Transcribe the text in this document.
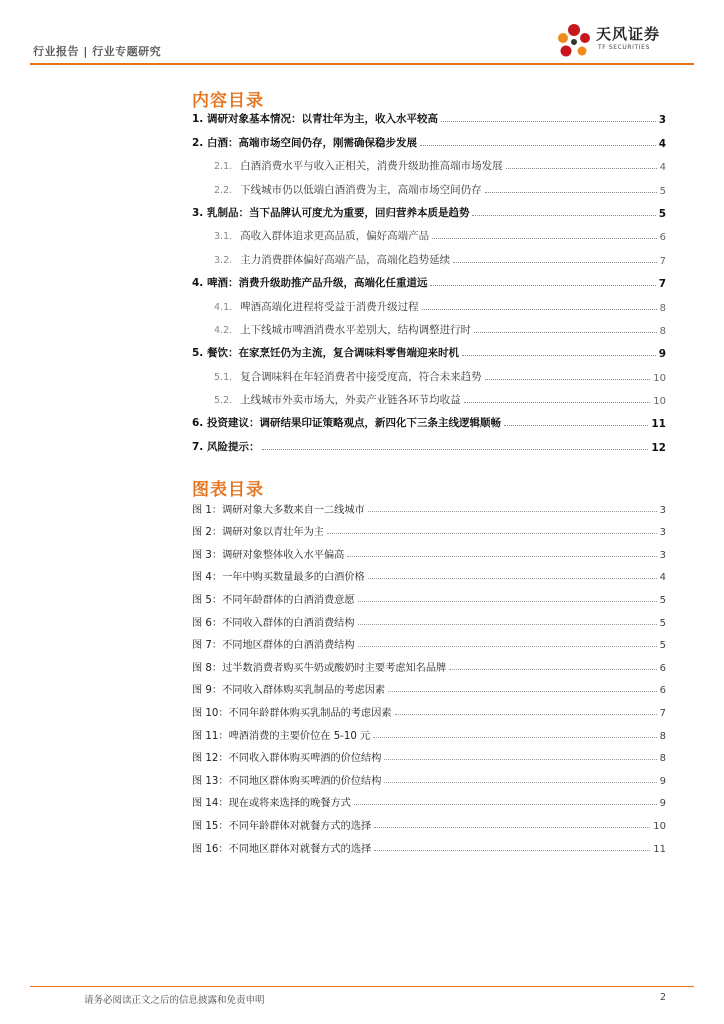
行业报告 | 行业专题研究
天风证券
TF SECURITIES
内容目录
1. 调研对象基本情况：以青壮年为主，收入水平较高	3
2. 白酒：高端市场空间仍存，刚需确保稳步发展	4
2.1. 白酒消费水平与收入正相关，消费升级助推高端市场发展	4
2.2. 下线城市仍以低端白酒消费为主，高端市场空间仍存	5
3. 乳制品：当下品牌认可度尤为重要，回归营养本质是趋势	5
3.1. 高收入群体追求更高品质，偏好高端产品	6
3.2. 主力消费群体偏好高端产品，高端化趋势延续	7
4. 啤酒：消费升级助推产品升级，高端化任重道远	7
4.1. 啤酒高端化进程将受益于消费升级过程	8
4.2. 上下线城市啤酒消费水平差别大，结构调整进行时	8
5. 餐饮：在家烹饪仍为主流，复合调味料零售端迎来时机	9
5.1. 复合调味料在年轻消费者中接受度高，符合未来趋势	10
5.2. 上线城市外卖市场大，外卖产业链各环节均收益	10
6. 投资建议：调研结果印证策略观点，新四化下三条主线逻辑顺畅	11
7. 风险提示：	12
图表目录
图 1：调研对象大多数来自一二线城市	3
图 2：调研对象以青壮年为主	3
图 3：调研对象整体收入水平偏高	3
图 4：一年中购买数量最多的白酒价格	4
图 5：不同年龄群体的白酒消费意愿	5
图 6：不同收入群体的白酒消费结构	5
图 7：不同地区群体的白酒消费结构	5
图 8：过半数消费者购买牛奶或酸奶时主要考虑知名品牌	6
图 9：不同收入群体购买乳制品的考虑因素	6
图 10：不同年龄群体购买乳制品的考虑因素	7
图 11：啤酒消费的主要价位在 5-10 元	8
图 12：不同收入群体购买啤酒的价位结构	8
图 13：不同地区群体购买啤酒的价位结构	9
图 14：现在或将来选择的晚餐方式	9
图 15：不同年龄群体对就餐方式的选择	10
图 16：不同地区群体对就餐方式的选择	11
请务必阅读正文之后的信息披露和免责申明	2
